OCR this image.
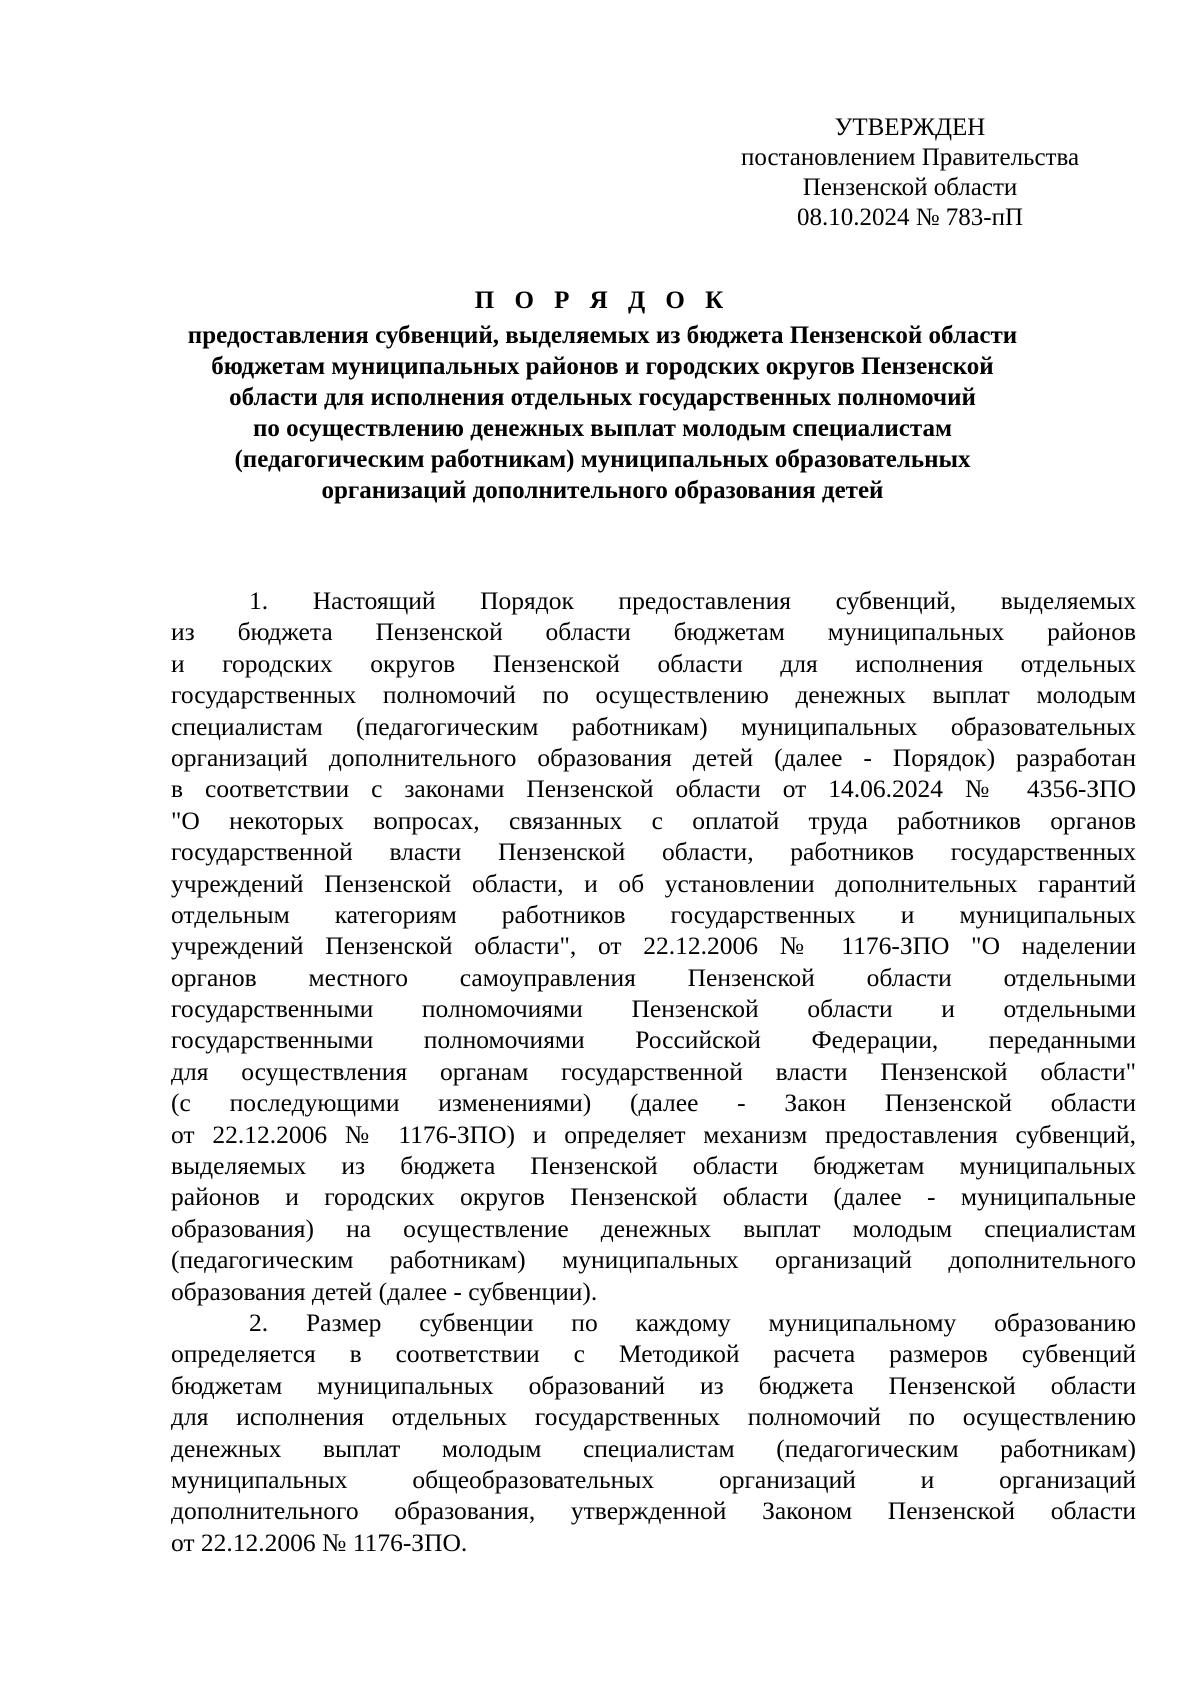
УТВЕРЖДЕН
постановлением Правительства
Пензенской области
08.10.2024 № 783-пП
П О Р Я Д О К
предоставления субвенций, выделяемых из бюджета Пензенской области
бюджетам муниципальных районов и городских округов Пензенской
области для исполнения отдельных государственных полномочий
по осуществлению денежных выплат молодым специалистам
(педагогическим работникам) муниципальных образовательных
организаций дополнительного образования детей
1. Настоящий Порядок предоставления субвенций, выделяемых
из бюджета Пензенской области бюджетам муниципальных районов
и городских округов Пензенской области для исполнения отдельных
государственных полномочий по осуществлению денежных выплат молодым
специалистам (педагогическим работникам) муниципальных образовательных
организаций дополнительного образования детей (далее - Порядок) разработан
в соответствии с законами Пензенской области от 14.06.2024 № 4356-ЗПО
"О некоторых вопросах, связанных с оплатой труда работников органов
государственной власти Пензенской области, работников государственных
учреждений Пензенской области, и об установлении дополнительных гарантий
отдельным категориям работников государственных и муниципальных
учреждений Пензенской области", от 22.12.2006 № 1176-ЗПО "О наделении
органов местного самоуправления Пензенской области отдельными
государственными полномочиями Пензенской области и отдельными
государственными полномочиями Российской Федерации, переданными
для осуществления органам государственной власти Пензенской области"
(с последующими изменениями) (далее - Закон Пензенской области
от 22.12.2006 № 1176-ЗПО) и определяет механизм предоставления субвенций,
выделяемых из бюджета Пензенской области бюджетам муниципальных
районов и городских округов Пензенской области (далее - муниципальные
образования) на осуществление денежных выплат молодым специалистам
(педагогическим работникам) муниципальных организаций дополнительного
образования детей (далее - субвенции).
2. Размер субвенции по каждому муниципальному образованию
определяется в соответствии с Методикой расчета размеров субвенций
бюджетам муниципальных образований из бюджета Пензенской области
для исполнения отдельных государственных полномочий по осуществлению
денежных выплат молодым специалистам (педагогическим работникам)
муниципальных общеобразовательных организаций и организаций
дополнительного образования, утвержденной Законом Пензенской области
от 22.12.2006 № 1176-ЗПО.
